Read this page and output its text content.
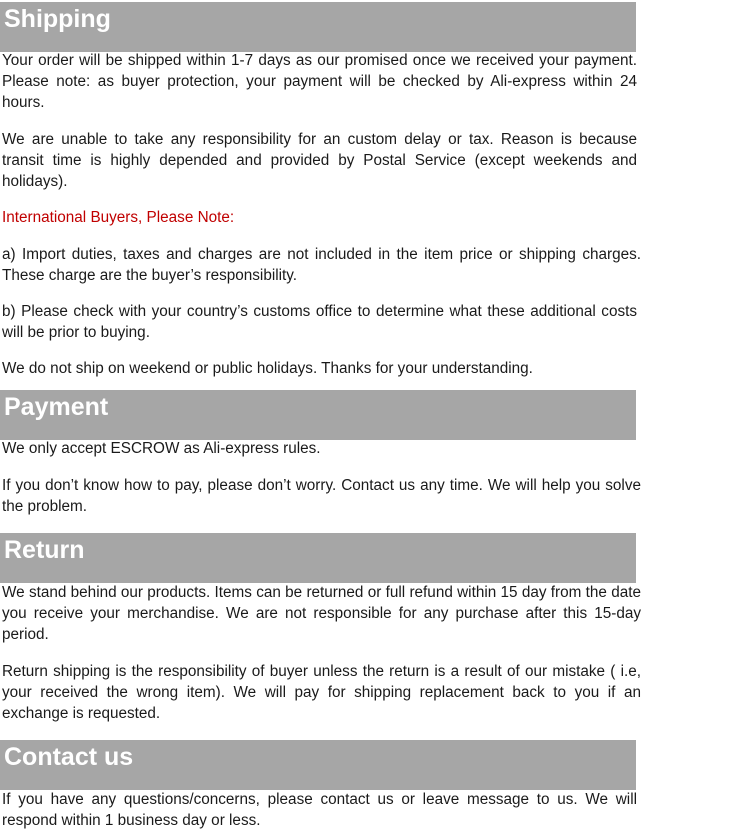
Shipping

Your order will be shipped within 1-7 days as our promised once we received your payment. Please note: as buyer protection, your payment will be checked by Ali-express within 24 hours.

We are unable to take any responsibility for an custom delay or tax. Reason is because transit time is highly depended and provided by Postal Service (except weekends and holidays).

International Buyers, Please Note:

a) Import duties, taxes and charges are not included in the item price or shipping charges. These charge are the buyer’s responsibility.

b) Please check with your country’s customs office to determine what these additional costs will be prior to buying.

We do not ship on weekend or public holidays. Thanks for your understanding.

Payment

We only accept ESCROW as Ali-express rules.

If you don’t know how to pay, please don’t worry. Contact us any time. We will help you solve the problem.

Return

We stand behind our products. Items can be returned or full refund within 15 day from the date you receive your merchandise. We are not responsible for any purchase after this 15-day period.

Return shipping is the responsibility of buyer unless the return is a result of our mistake ( i.e, your received the wrong item). We will pay for shipping replacement back to you if an exchange is requested.

Contact us

If you have any questions/concerns, please contact us or leave message to us. We will respond within 1 business day or less.
